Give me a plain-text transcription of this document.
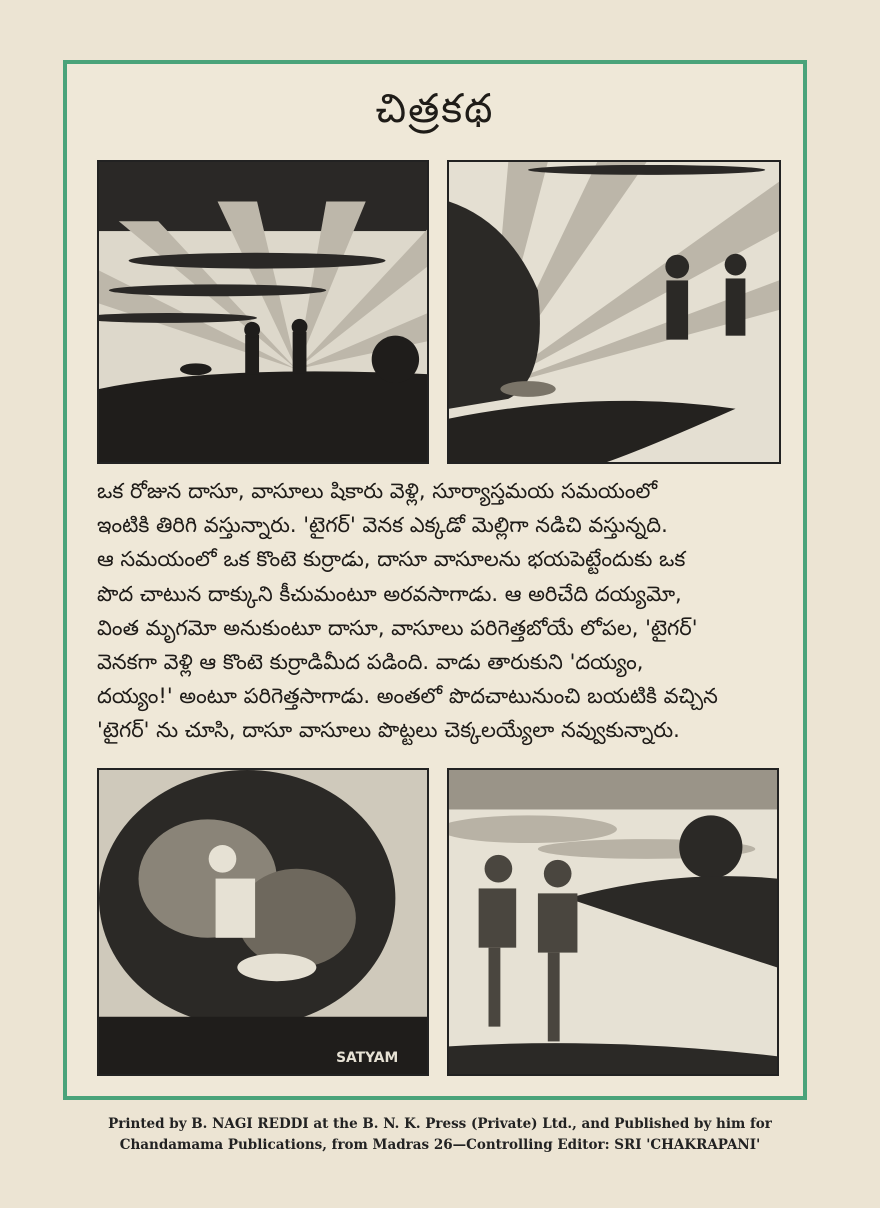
చిత్రకథ
ఒక రోజున దాసూ, వాసూలు షికారు వెళ్లి, సూర్యాస్తమయ సమయంలో
ఇంటికి తిరిగి వస్తున్నారు. 'టైగర్' వెనక ఎక్కడో మెల్లిగా నడిచి వస్తున్నది.
ఆ సమయంలో ఒక కొంటె కుర్రాడు, దాసూ వాసూలను భయపెట్టేందుకు ఒక
పొద చాటున దాక్కుని కీచుమంటూ అరవసాగాడు. ఆ అరిచేది దయ్యమో,
వింత మృగమో అనుకుంటూ దాసూ, వాసూలు పరిగెత్తబోయే లోపల, 'టైగర్'
వెనకగా వెళ్లి ఆ కొంటె కుర్రాడిమీద పడింది. వాడు తారుకుని 'దయ్యం,
దయ్యం!' అంటూ పరిగెత్తసాగాడు. అంతలో పొదచాటునుంచి బయటికి వచ్చిన
'టైగర్' ను చూసి, దాసూ వాసూలు పొట్టలు చెక్కలయ్యేలా నవ్వుకున్నారు.
SATYAM
Printed by B. NAGI REDDI at the B. N. K. Press (Private) Ltd., and Published by him for
Chandamama Publications, from Madras 26—Controlling Editor: SRI 'CHAKRAPANI'
